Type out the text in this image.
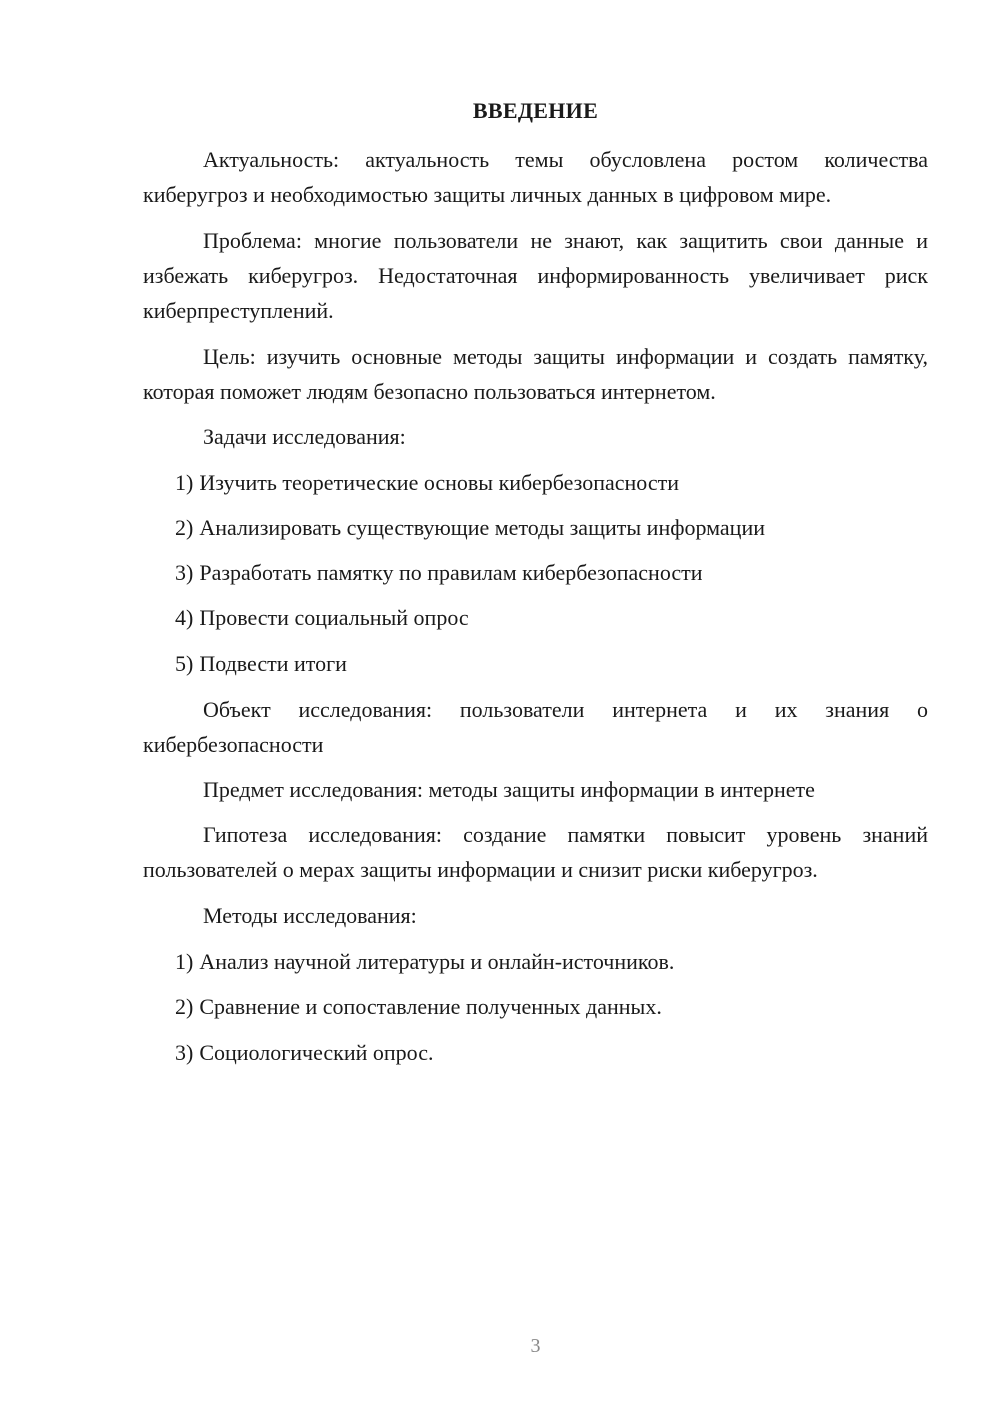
ВВЕДЕНИЕ

Актуальность: актуальность темы обусловлена ростом количества киберугроз и необходимостью защиты личных данных в цифровом мире.

Проблема: многие пользователи не знают, как защитить свои данные и избежать киберугроз. Недостаточная информированность увеличивает риск киберпреступлений.

Цель: изучить основные методы защиты информации и создать памятку, которая поможет людям безопасно пользоваться интернетом.

Задачи исследования:

1) Изучить теоретические основы кибербезопасности

2) Анализировать существующие методы защиты информации

3) Разработать памятку по правилам кибербезопасности

4) Провести социальный опрос

5) Подвести итоги

Объект исследования: пользователи интернета и их знания о кибербезопасности

Предмет исследования: методы защиты информации в интернете

Гипотеза исследования: создание памятки повысит уровень знаний пользователей о мерах защиты информации и снизит риски киберугроз.

Методы исследования:

1) Анализ научной литературы и онлайн-источников.

2) Сравнение и сопоставление полученных данных.

3) Социологический опрос.

3
